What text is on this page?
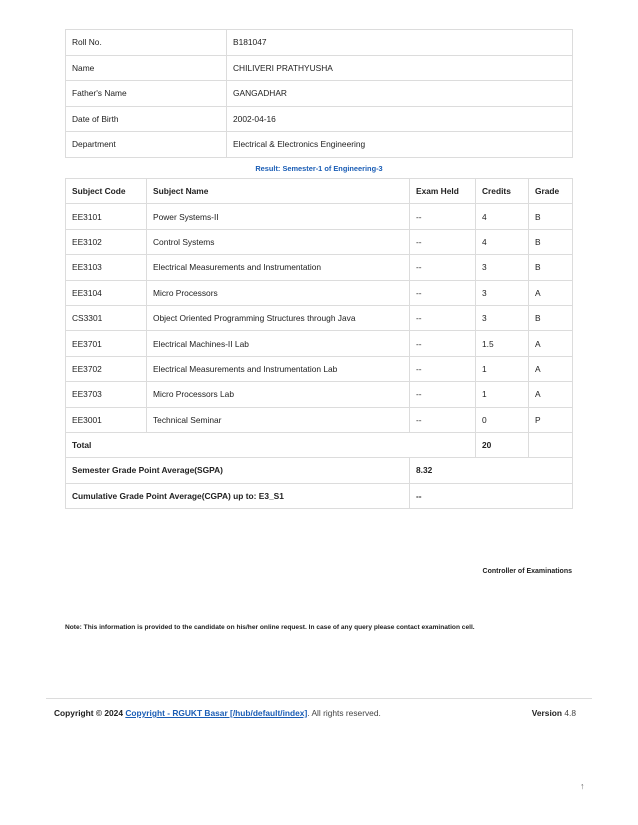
Roll No.	B181047
Name	CHILIVERI PRATHYUSHA
Father's Name	GANGADHAR
Date of Birth	2002-04-16
Department	Electrical & Electronics Engineering
Result: Semester-1 of Engineering-3
Subject Code	Subject Name	Exam Held	Credits	Grade
EE3101	Power Systems-II	--	4	B
EE3102	Control Systems	--	4	B
EE3103	Electrical Measurements and Instrumentation	--	3	B
EE3104	Micro Processors	--	3	A
CS3301	Object Oriented Programming Structures through Java	--	3	B
EE3701	Electrical Machines-II Lab	--	1.5	A
EE3702	Electrical Measurements and Instrumentation Lab	--	1	A
EE3703	Micro Processors Lab	--	1	A
EE3001	Technical Seminar	--	0	P
Total			20	
Semester Grade Point Average(SGPA)		8.32		
Cumulative Grade Point Average(CGPA) up to: E3_S1		--		
Controller of Examinations
Note: This information is provided to the candidate on his/her online request. In case of any query please contact examination cell.
Copyright © 2024 Copyright - RGUKT Basar [/hub/default/index]. All rights reserved.	Version 4.8
↑
